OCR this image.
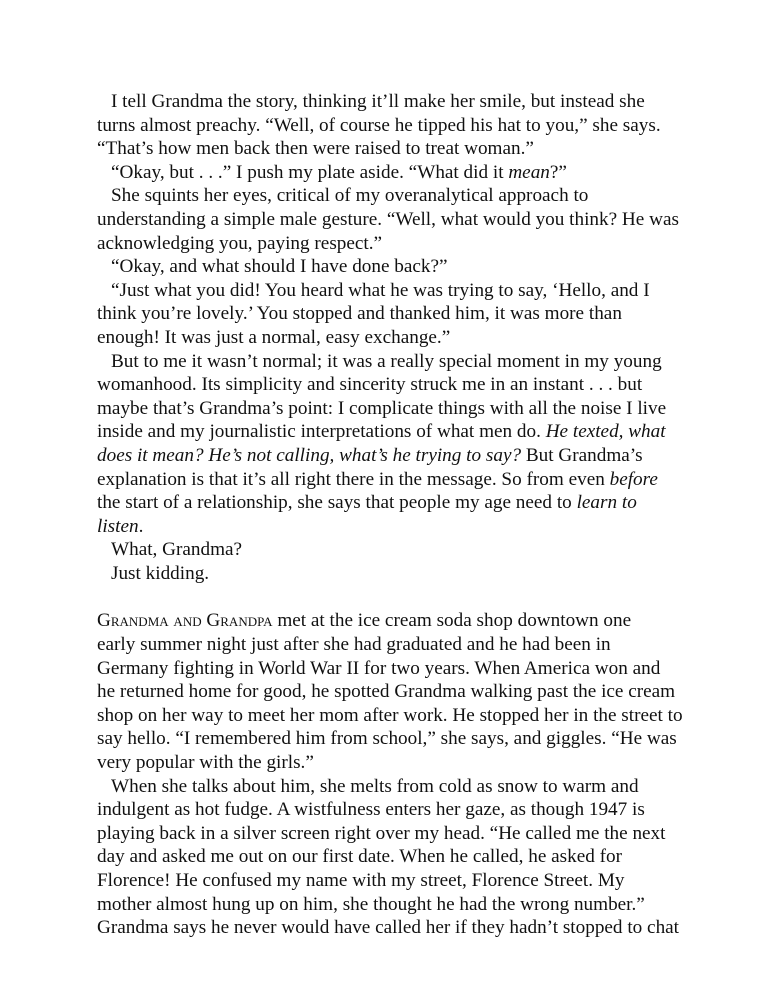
I tell Grandma the story, thinking it’ll make her smile, but instead she
turns almost preachy. “Well, of course he tipped his hat to you,” she says.
“That’s how men back then were raised to treat woman.”

“Okay, but . . .” I push my plate aside. “What did it mean?”

She squints her eyes, critical of my overanalytical approach to
understanding a simple male gesture. “Well, what would you think? He was
acknowledging you, paying respect.”

“Okay, and what should I have done back?”

“Just what you did! You heard what he was trying to say, ‘Hello, and I
think you’re lovely.’ You stopped and thanked him, it was more than
enough! It was just a normal, easy exchange.”

But to me it wasn’t normal; it was a really special moment in my young
womanhood. Its simplicity and sincerity struck me in an instant . . . but
maybe that’s Grandma’s point: I complicate things with all the noise I live
inside and my journalistic interpretations of what men do. He texted, what
does it mean? He’s not calling, what’s he trying to say? But Grandma’s
explanation is that it’s all right there in the message. So from even before
the start of a relationship, she says that people my age need to learn to
listen.

What, Grandma?

Just kidding.

Grandma and Grandpa met at the ice cream soda shop downtown one
early summer night just after she had graduated and he had been in
Germany fighting in World War II for two years. When America won and
he returned home for good, he spotted Grandma walking past the ice cream
shop on her way to meet her mom after work. He stopped her in the street to
say hello. “I remembered him from school,” she says, and giggles. “He was
very popular with the girls.”

When she talks about him, she melts from cold as snow to warm and
indulgent as hot fudge. A wistfulness enters her gaze, as though 1947 is
playing back in a silver screen right over my head. “He called me the next
day and asked me out on our first date. When he called, he asked for
Florence! He confused my name with my street, Florence Street. My
mother almost hung up on him, she thought he had the wrong number.”
Grandma says he never would have called her if they hadn’t stopped to chat
